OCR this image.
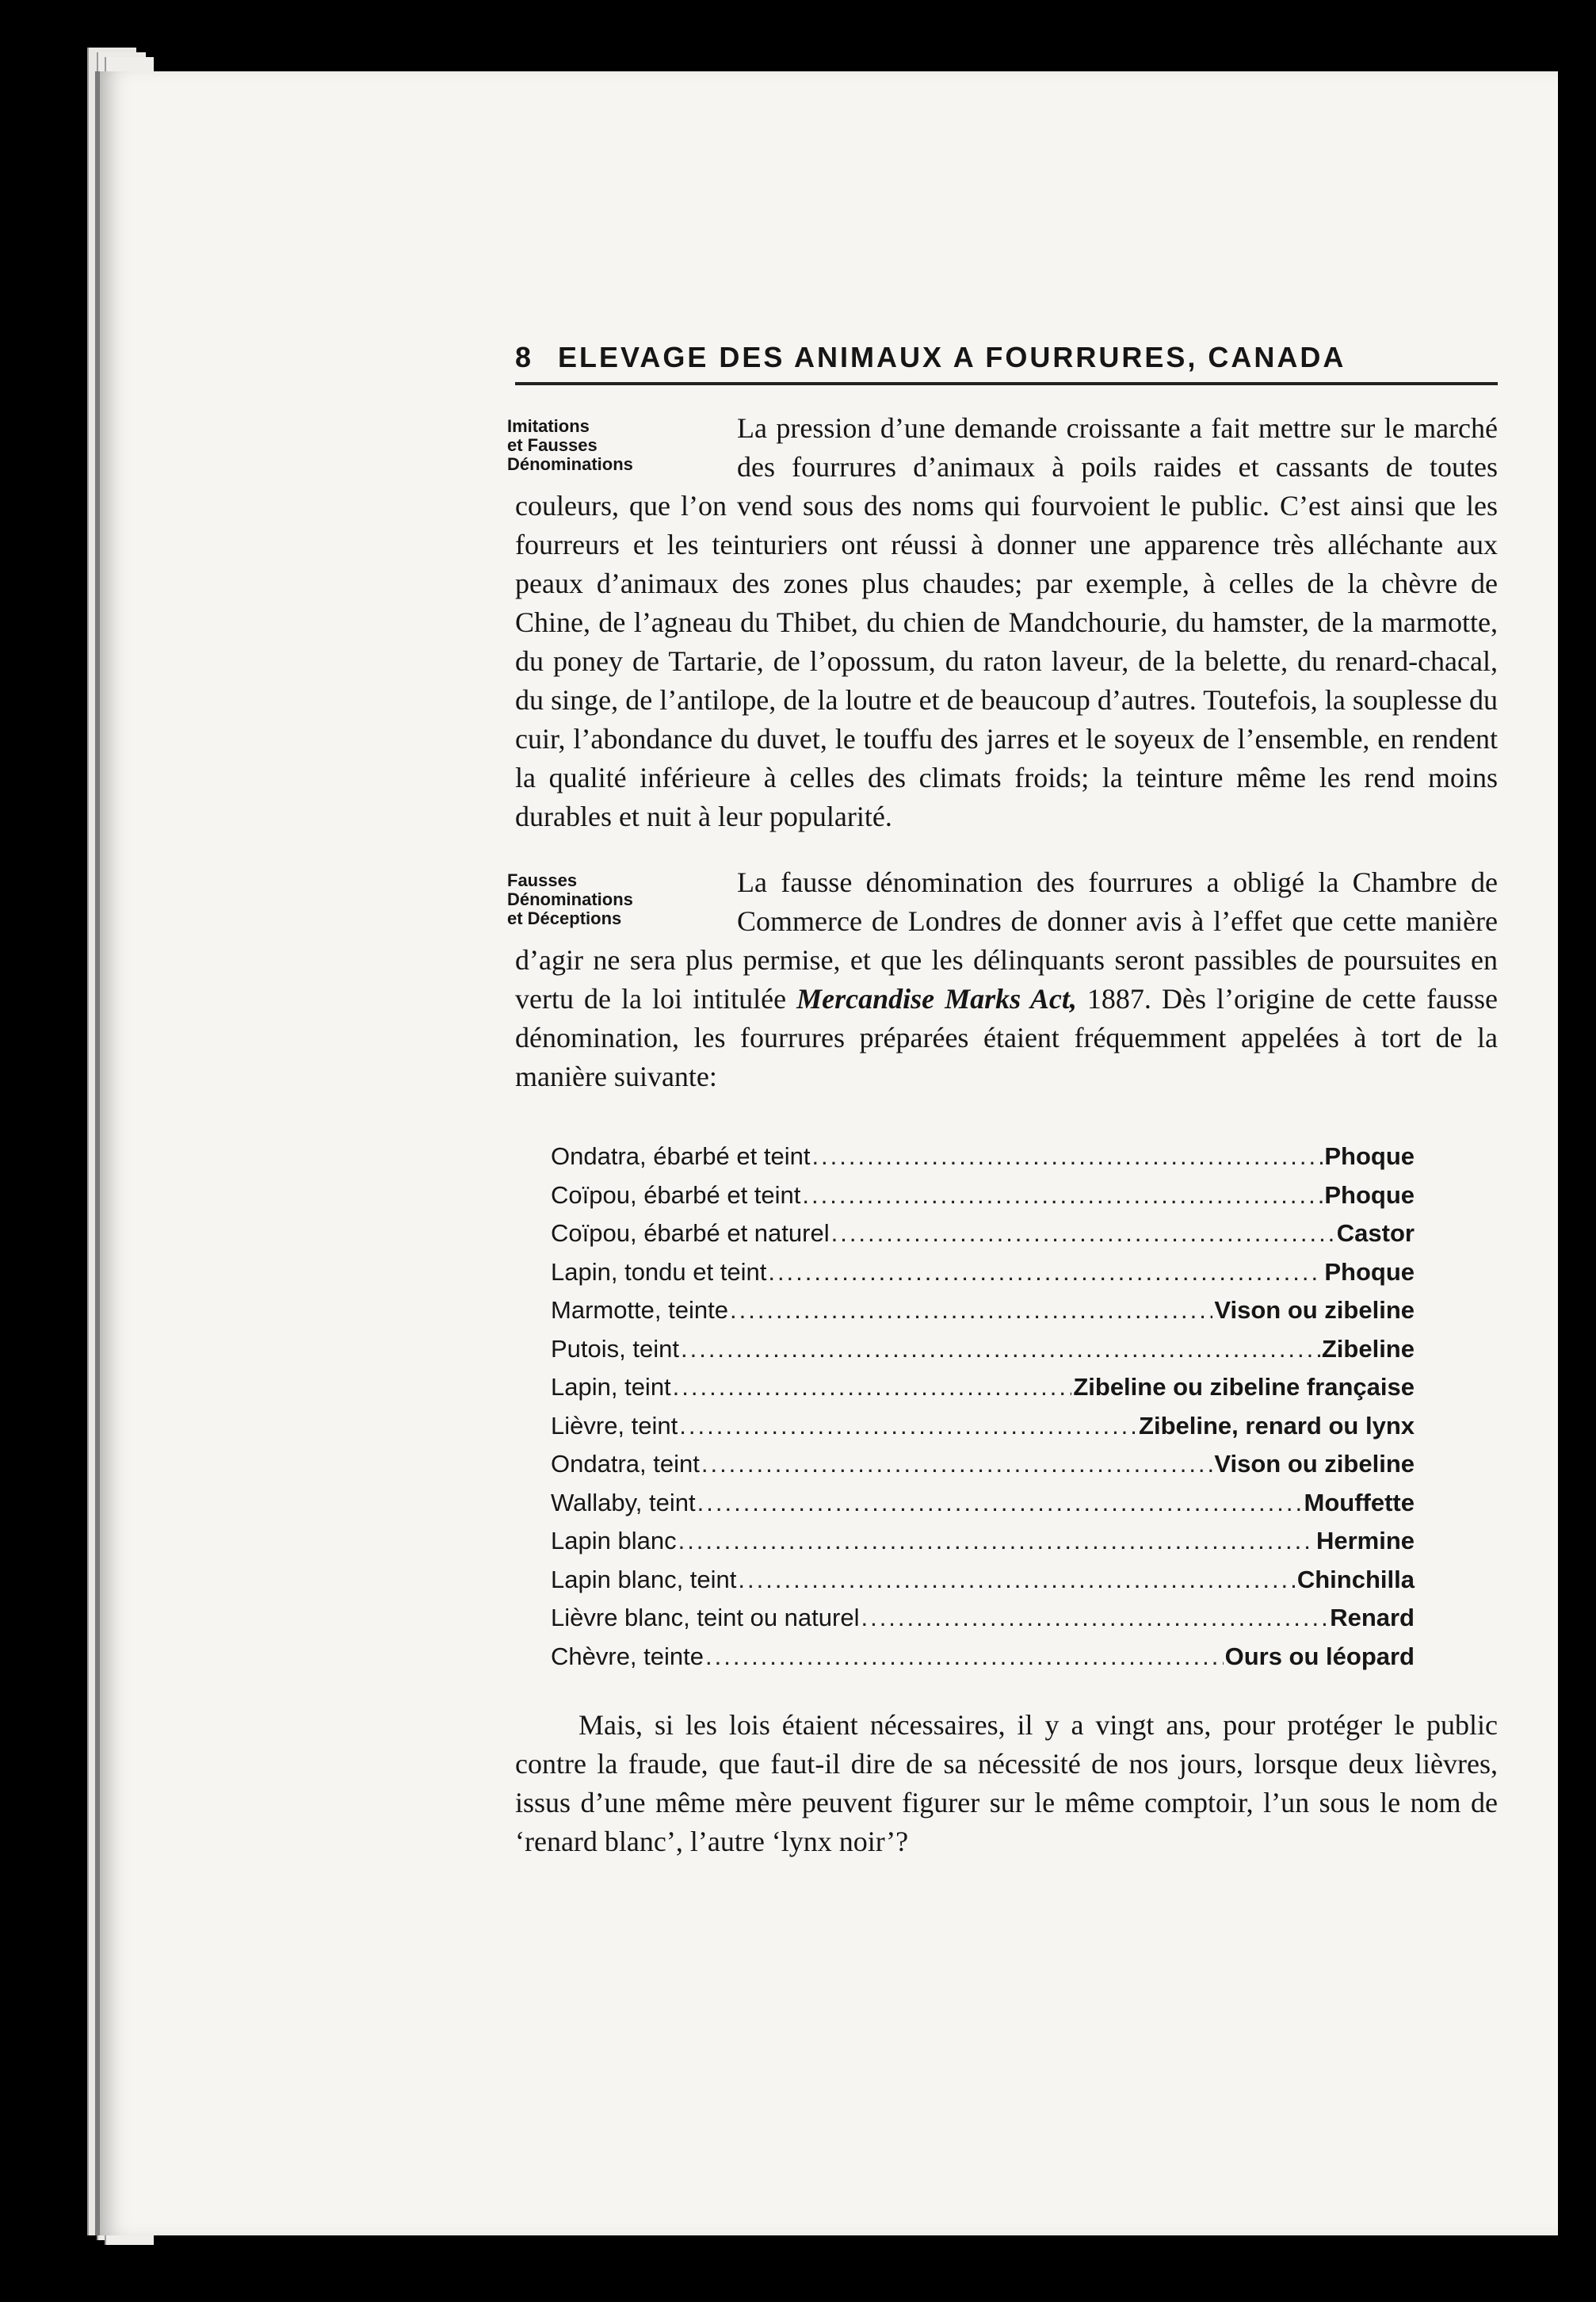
8 ELEVAGE DES ANIMAUX A FOURRURES, CANADA
Imitations
et Fausses
Dénominations
La pression d’une demande croissante a fait mettre sur le marché des fourrures d’animaux à poils raides et cassants de toutes couleurs, que l’on vend sous des noms qui fourvoient le public. C’est ainsi que les fourreurs et les teinturiers ont réussi à donner une apparence très alléchante aux peaux d’animaux des zones plus chaudes; par exemple, à celles de la chèvre de Chine, de l’agneau du Thibet, du chien de Mandchourie, du hamster, de la marmotte, du poney de Tartarie, de l’opossum, du raton laveur, de la belette, du renard-chacal, du singe, de l’antilope, de la loutre et de beaucoup d’autres. Toutefois, la souplesse du cuir, l’abondance du duvet, le touffu des jarres et le soyeux de l’ensemble, en rendent la qualité inférieure à celles des climats froids; la teinture même les rend moins durables et nuit à leur popularité.
Fausses
Dénominations
et Déceptions
La fausse dénomination des fourrures a obligé la Chambre de Commerce de Londres de donner avis à l’effet que cette manière d’agir ne sera plus permise, et que les délinquants seront passibles de poursuites en vertu de la loi intitulée Mercandise Marks Act, 1887. Dès l’origine de cette fausse dénomination, les fourrures préparées étaient fréquemment appelées à tort de la manière suivante:
Ondatra, ébarbé et teint .....	Phoque
Coïpou, ébarbé et teint .....	Phoque
Coïpou, ébarbé et naturel .....	Castor
Lapin, tondu et teint .....	Phoque
Marmotte, teinte .....	Vison ou zibeline
Putois, teint .....	Zibeline
Lapin, teint .....	Zibeline ou zibeline française
Lièvre, teint .....	Zibeline, renard ou lynx
Ondatra, teint .....	Vison ou zibeline
Wallaby, teint .....	Mouffette
Lapin blanc .....	Hermine
Lapin blanc, teint .....	Chinchilla
Lièvre blanc, teint ou naturel .....	Renard
Chèvre, teinte .....	Ours ou léopard
Mais, si les lois étaient nécessaires, il y a vingt ans, pour protéger le public contre la fraude, que faut-il dire de sa nécessité de nos jours, lorsque deux lièvres, issus d’une même mère peuvent figurer sur le même comptoir, l’un sous le nom de ‘renard blanc’, l’autre ‘lynx noir’?
